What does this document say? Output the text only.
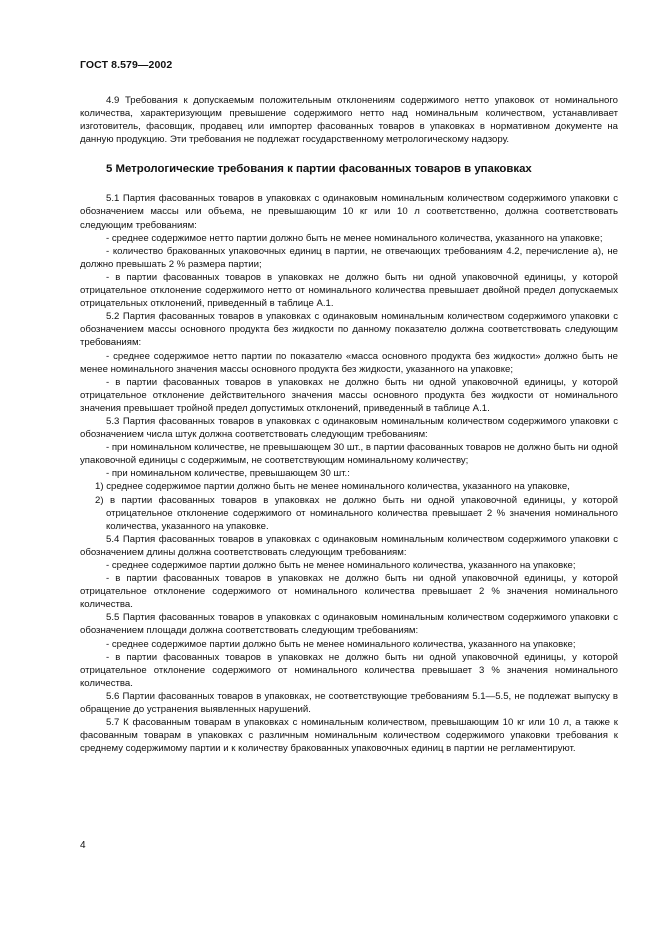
ГОСТ 8.579—2002

4.9 Требования к допускаемым положительным отклонениям содержимого нетто упаковок от номинального количества, характеризующим превышение содержимого нетто над номинальным количеством, устанавливает изготовитель, фасовщик, продавец или импортер фасованных товаров в упаковках в нормативном документе на данную продукцию. Эти требования не подлежат государственному метрологическому надзору.

5 Метрологические требования к партии фасованных товаров в упаковках

5.1 Партия фасованных товаров в упаковках с одинаковым номинальным количеством содержимого упаковки с обозначением массы или объема, не превышающим 10 кг или 10 л соответственно, должна соответствовать следующим требованиям:

- среднее содержимое нетто партии должно быть не менее номинального количества, указанного на упаковке;

- количество бракованных упаковочных единиц в партии, не отвечающих требованиям 4.2, перечисление а), не должно превышать 2 % размера партии;

- в партии фасованных товаров в упаковках не должно быть ни одной упаковочной единицы, у которой отрицательное отклонение содержимого нетто от номинального количества превышает двойной предел допускаемых отрицательных отклонений, приведенный в таблице А.1.

5.2 Партия фасованных товаров в упаковках с одинаковым номинальным количеством содержимого упаковки с обозначением массы основного продукта без жидкости по данному показателю должна соответствовать следующим требованиям:

- среднее содержимое нетто партии по показателю «масса основного продукта без жидкости» должно быть не менее номинального значения массы основного продукта без жидкости, указанного на упаковке;

- в партии фасованных товаров в упаковках не должно быть ни одной упаковочной единицы, у которой отрицательное отклонение действительного значения массы основного продукта без жидкости от номинального значения превышает тройной предел допустимых отклонений, приведенный в таблице А.1.

5.3 Партия фасованных товаров в упаковках с одинаковым номинальным количеством содержимого упаковки с обозначением числа штук должна соответствовать следующим требованиям:

- при номинальном количестве, не превышающем 30 шт., в партии фасованных товаров не должно быть ни одной упаковочной единицы с содержимым, не соответствующим номинальному количеству;

- при номинальном количестве, превышающем 30 шт.:

1) среднее содержимое партии должно быть не менее номинального количества, указанного на упаковке,

2) в партии фасованных товаров в упаковках не должно быть ни одной упаковочной единицы, у которой отрицательное отклонение содержимого от номинального количества превышает 2 % значения номинального количества, указанного на упаковке.

5.4 Партия фасованных товаров в упаковках с одинаковым номинальным количеством содержимого упаковки с обозначением длины должна соответствовать следующим требованиям:

- среднее содержимое партии должно быть не менее номинального количества, указанного на упаковке;

- в партии фасованных товаров в упаковках не должно быть ни одной упаковочной единицы, у которой отрицательное отклонение содержимого от номинального количества превышает 2 % значения номинального количества.

5.5 Партия фасованных товаров в упаковках с одинаковым номинальным количеством содержимого упаковки с обозначением площади должна соответствовать следующим требованиям:

- среднее содержимое партии должно быть не менее номинального количества, указанного на упаковке;

- в партии фасованных товаров в упаковках не должно быть ни одной упаковочной единицы, у которой отрицательное отклонение содержимого от номинального количества превышает 3 % значения номинального количества.

5.6 Партии фасованных товаров в упаковках, не соответствующие требованиям 5.1—5.5, не подлежат выпуску в обращение до устранения выявленных нарушений.

5.7 К фасованным товарам в упаковках с номинальным количеством, превышающим 10 кг или 10 л, а также к фасованным товарам в упаковках с различным номинальным количеством содержимого упаковки требования к среднему содержимому партии и к количеству бракованных упаковочных единиц в партии не регламентируют.

4
